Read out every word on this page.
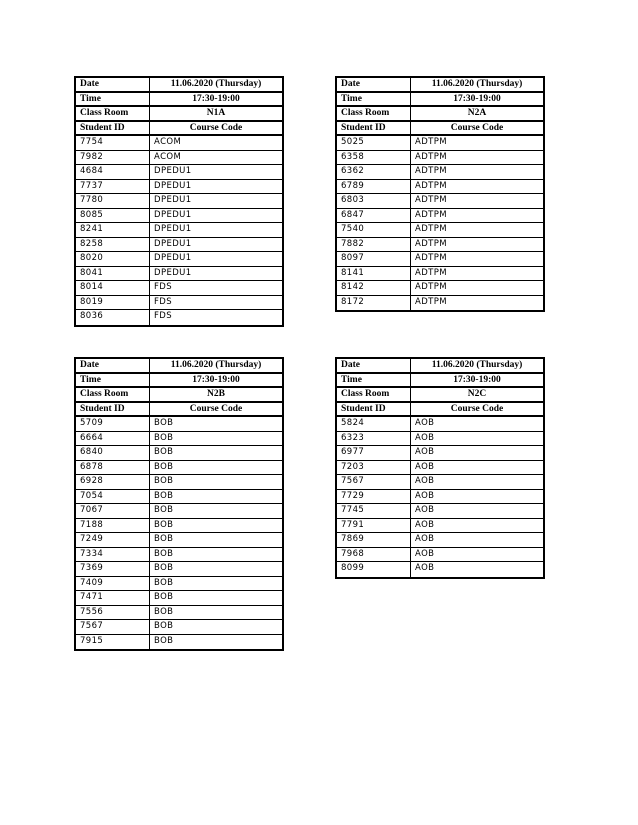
Date	11.06.2020 (Thursday)
Time	17:30-19:00
Class Room	N1A
Student ID	Course Code
7754	ACOM
7982	ACOM
4684	DPEDU1
7737	DPEDU1
7780	DPEDU1
8085	DPEDU1
8241	DPEDU1
8258	DPEDU1
8020	DPEDU1
8041	DPEDU1
8014	FDS
8019	FDS
8036	FDS
Date	11.06.2020 (Thursday)
Time	17:30-19:00
Class Room	N2A
Student ID	Course Code
5025	ADTPM
6358	ADTPM
6362	ADTPM
6789	ADTPM
6803	ADTPM
6847	ADTPM
7540	ADTPM
7882	ADTPM
8097	ADTPM
8141	ADTPM
8142	ADTPM
8172	ADTPM
Date	11.06.2020 (Thursday)
Time	17:30-19:00
Class Room	N2B
Student ID	Course Code
5709	BOB
6664	BOB
6840	BOB
6878	BOB
6928	BOB
7054	BOB
7067	BOB
7188	BOB
7249	BOB
7334	BOB
7369	BOB
7409	BOB
7471	BOB
7556	BOB
7567	BOB
7915	BOB
Date	11.06.2020 (Thursday)
Time	17:30-19:00
Class Room	N2C
Student ID	Course Code
5824	AOB
6323	AOB
6977	AOB
7203	AOB
7567	AOB
7729	AOB
7745	AOB
7791	AOB
7869	AOB
7968	AOB
8099	AOB
